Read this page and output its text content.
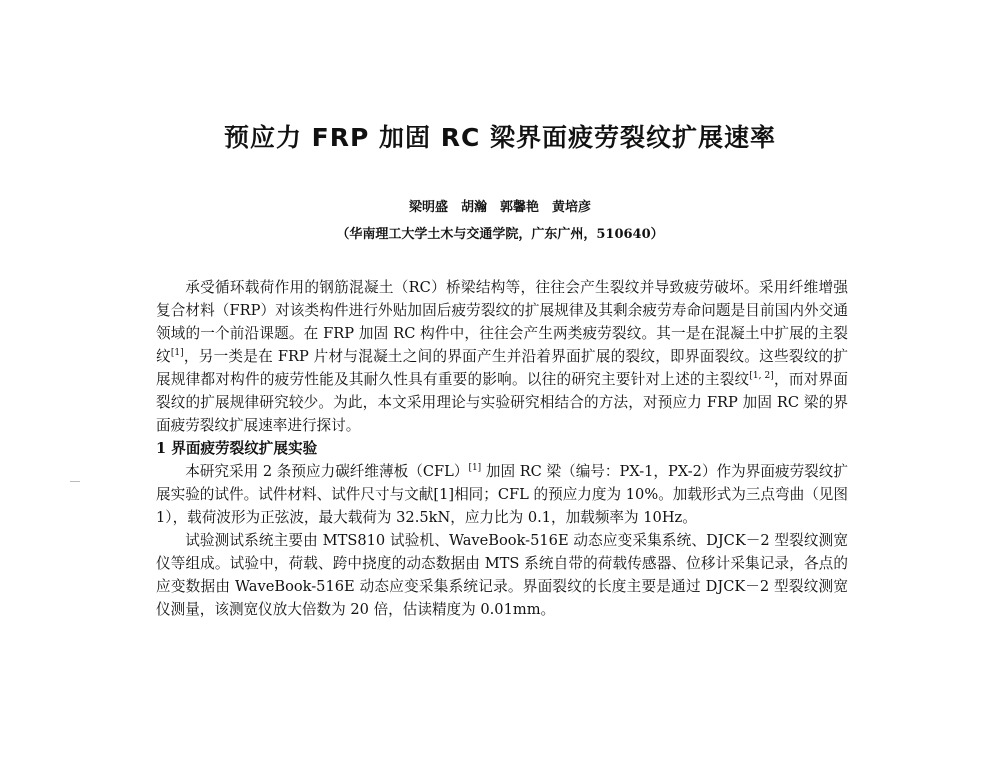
预应力 FRP 加固 RC 梁界面疲劳裂纹扩展速率
梁明盛　胡瀚　郭馨艳　黄培彦
（华南理工大学土木与交通学院，广东广州，510640）

承受循环载荷作用的钢筋混凝土（RC）桥梁结构等，往往会产生裂纹并导致疲劳破坏。采用纤维增强复合材料（FRP）对该类构件进行外贴加固后疲劳裂纹的扩展规律及其剩余疲劳寿命问题是目前国内外交通领域的一个前沿课题。在 FRP 加固 RC 构件中，往往会产生两类疲劳裂纹。其一是在混凝土中扩展的主裂纹[1]，另一类是在 FRP 片材与混凝土之间的界面产生并沿着界面扩展的裂纹，即界面裂纹。这些裂纹的扩展规律都对构件的疲劳性能及其耐久性具有重要的影响。以往的研究主要针对上述的主裂纹[1, 2]，而对界面裂纹的扩展规律研究较少。为此，本文采用理论与实验研究相结合的方法，对预应力 FRP 加固 RC 梁的界面疲劳裂纹扩展速率进行探讨。

1 界面疲劳裂纹扩展实验

本研究采用 2 条预应力碳纤维薄板（CFL）[1] 加固 RC 梁（编号：PX-1，PX-2）作为界面疲劳裂纹扩展实验的试件。试件材料、试件尺寸与文献[1]相同；CFL 的预应力度为 10%。加载形式为三点弯曲（见图 1），载荷波形为正弦波，最大载荷为 32.5kN，应力比为 0.1，加载频率为 10Hz。

试验测试系统主要由 MTS810 试验机、WaveBook-516E 动态应变采集系统、DJCK－2 型裂纹测宽仪等组成。试验中，荷载、跨中挠度的动态数据由 MTS 系统自带的荷载传感器、位移计采集记录，各点的应变数据由 WaveBook-516E 动态应变采集系统记录。界面裂纹的长度主要是通过 DJCK－2 型裂纹测宽仪测量，该测宽仪放大倍数为 20 倍，估读精度为 0.01mm。
